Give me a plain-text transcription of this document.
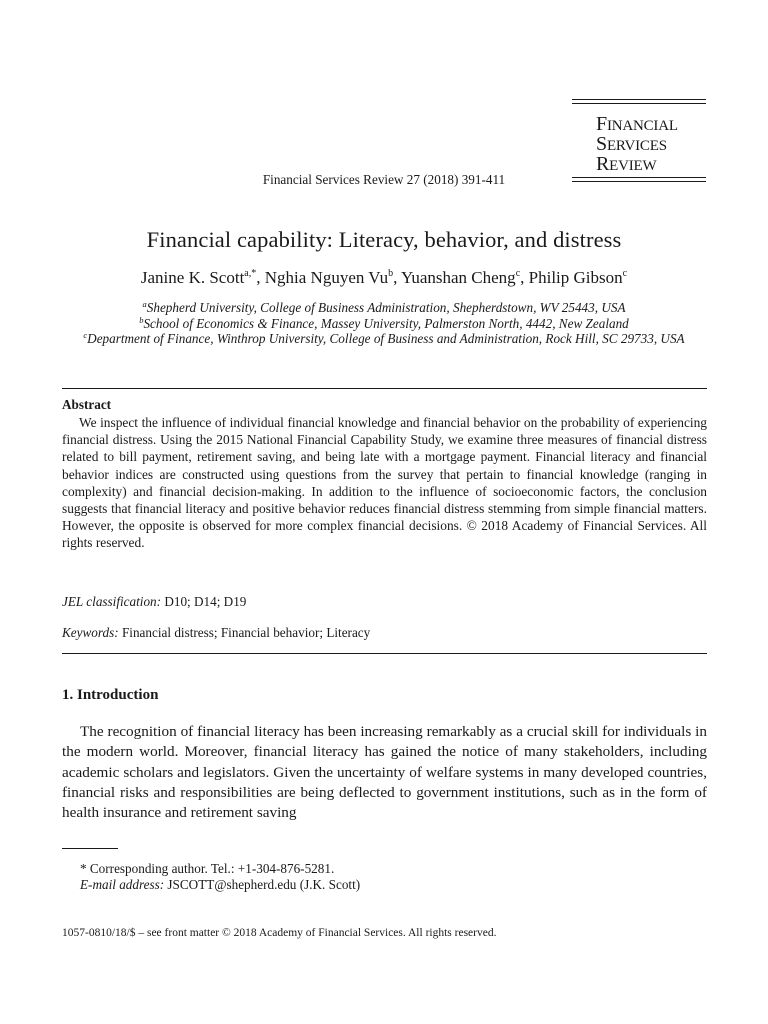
FINANCIAL
SERVICES
REVIEW
Financial Services Review 27 (2018) 391-411
Financial capability: Literacy, behavior, and distress
Janine K. Scott$^{a,*}$, Nghia Nguyen Vu$^b$, Yuanshan Cheng$^c$, Philip Gibson$^c$
$^a$Shepherd University, College of Business Administration, Shepherdstown, WV 25443, USA
$^b$School of Economics & Finance, Massey University, Palmerston North, 4442, New Zealand
$^c$Department of Finance, Winthrop University, College of Business and Administration, Rock Hill, SC 29733, USA
Abstract
We inspect the influence of individual financial knowledge and financial behavior on the probability of experiencing financial distress. Using the 2015 National Financial Capability Study, we examine three measures of financial distress related to bill payment, retirement saving, and being late with a mortgage payment. Financial literacy and financial behavior indices are constructed using questions from the survey that pertain to financial knowledge (ranging in complexity) and financial decision-making. In addition to the influence of socioeconomic factors, the conclusion suggests that financial literacy and positive behavior reduces financial distress stemming from simple financial matters. However, the opposite is observed for more complex financial decisions. © 2018 Academy of Financial Services. All rights reserved.
JEL classification: D10; D14; D19
Keywords: Financial distress; Financial behavior; Literacy
1. Introduction
The recognition of financial literacy has been increasing remarkably as a crucial skill for individuals in the modern world. Moreover, financial literacy has gained the notice of many stakeholders, including academic scholars and legislators. Given the uncertainty of welfare systems in many developed countries, financial risks and responsibilities are being deflected to government institutions, such as in the form of health insurance and retirement saving
* Corresponding author. Tel.: +1-304-876-5281.
E-mail address: JSCOTT@shepherd.edu (J.K. Scott)
1057-0810/18/$ – see front matter © 2018 Academy of Financial Services. All rights reserved.
